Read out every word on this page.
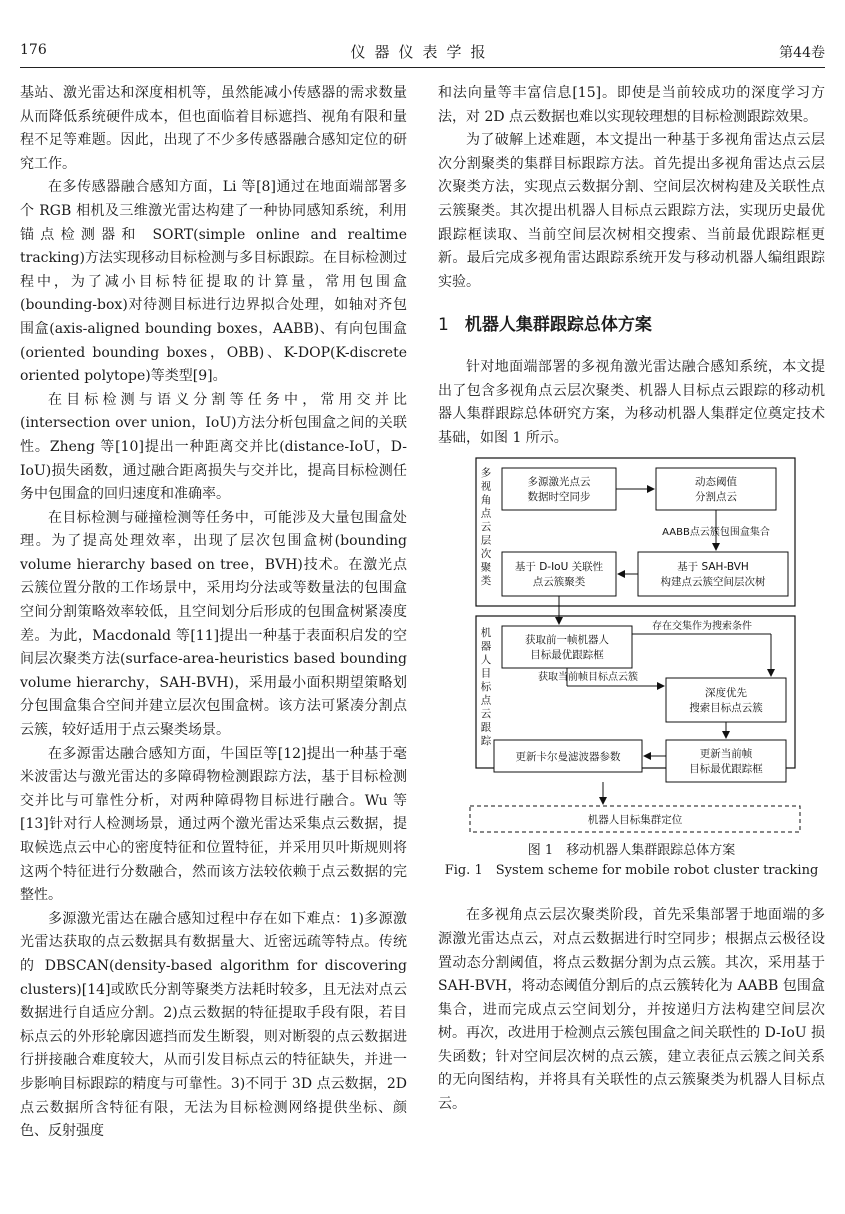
176	仪器仪表学报	第44卷

基站、激光雷达和深度相机等，虽然能减小传感器的需求数量从而降低系统硬件成本，但也面临着目标遮挡、视角有限和量程不足等难题。因此，出现了不少多传感器融合感知定位的研究工作。

在多传感器融合感知方面，Li 等[8]通过在地面端部署多个 RGB 相机及三维激光雷达构建了一种协同感知系统，利用锚点检测器和 SORT(simple online and realtime tracking)方法实现移动目标检测与多目标跟踪。在目标检测过程中，为了减小目标特征提取的计算量，常用包围盒(bounding-box)对待测目标进行边界拟合处理，如轴对齐包围盒(axis-aligned bounding boxes，AABB)、有向包围盒(oriented bounding boxes，OBB)、K-DOP(K-discrete oriented polytope)等类型[9]。

在目标检测与语义分割等任务中，常用交并比(intersection over union，IoU)方法分析包围盒之间的关联性。Zheng 等[10]提出一种距离交并比(distance-IoU，D-IoU)损失函数，通过融合距离损失与交并比，提高目标检测任务中包围盒的回归速度和准确率。

在目标检测与碰撞检测等任务中，可能涉及大量包围盒处理。为了提高处理效率，出现了层次包围盒树(bounding volume hierarchy based on tree，BVH)技术。在激光点云簇位置分散的工作场景中，采用均分法或等数量法的包围盒空间分割策略效率较低，且空间划分后形成的包围盒树紧凑度差。为此，Macdonald 等[11]提出一种基于表面积启发的空间层次聚类方法(surface-area-heuristics based bounding volume hierarchy，SAH-BVH)，采用最小面积期望策略划分包围盒集合空间并建立层次包围盒树。该方法可紧凑分割点云簇，较好适用于点云聚类场景。

在多源雷达融合感知方面，牛国臣等[12]提出一种基于毫米波雷达与激光雷达的多障碍物检测跟踪方法，基于目标检测交并比与可靠性分析，对两种障碍物目标进行融合。Wu 等[13]针对行人检测场景，通过两个激光雷达采集点云数据，提取候选点云中心的密度特征和位置特征，并采用贝叶斯规则将这两个特征进行分数融合，然而该方法较依赖于点云数据的完整性。

多源激光雷达在融合感知过程中存在如下难点：1)多源激光雷达获取的点云数据具有数据量大、近密远疏等特点。传统的 DBSCAN(density-based algorithm for discovering clusters)[14]或欧氏分割等聚类方法耗时较多，且无法对点云数据进行自适应分割。2)点云数据的特征提取手段有限，若目标点云的外形轮廓因遮挡而发生断裂，则对断裂的点云数据进行拼接融合难度较大，从而引发目标点云的特征缺失，并进一步影响目标跟踪的精度与可靠性。3)不同于 3D 点云数据，2D 点云数据所含特征有限，无法为目标检测网络提供坐标、颜色、反射强度

和法向量等丰富信息[15]。即使是当前较成功的深度学习方法，对 2D 点云数据也难以实现较理想的目标检测跟踪效果。

为了破解上述难题，本文提出一种基于多视角雷达点云层次分割聚类的集群目标跟踪方法。首先提出多视角雷达点云层次聚类方法，实现点云数据分割、空间层次树构建及关联性点云簇聚类。其次提出机器人目标点云跟踪方法，实现历史最优跟踪框读取、当前空间层次树相交搜索、当前最优跟踪框更新。最后完成多视角雷达跟踪系统开发与移动机器人编组跟踪实验。

1 机器人集群跟踪总体方案

针对地面端部署的多视角激光雷达融合感知系统，本文提出了包含多视角点云层次聚类、机器人目标点云跟踪的移动机器人集群跟踪总体研究方案，为移动机器人集群定位奠定技术基础，如图 1 所示。

多视角点云层次聚类
多源激光点云数据时空同步
动态阈值分割点云
基于 D-IoU 关联性点云簇聚类
基于 SAH-BVH 构建点云簇空间层次树
AABB点云簇包围盒集合
机器人目标点云跟踪
获取前一帧机器人目标最优跟踪框
存在交集作为搜索条件
获取当前帧目标点云簇
深度优先搜索目标点云簇
更新当前帧目标最优跟踪框
更新卡尔曼滤波器参数
机器人目标集群定位
图 1　移动机器人集群跟踪总体方案
Fig. 1　System scheme for mobile robot cluster tracking

在多视角点云层次聚类阶段，首先采集部署于地面端的多源激光雷达点云，对点云数据进行时空同步；根据点云极径设置动态分割阈值，将点云数据分割为点云簇。其次，采用基于 SAH-BVH，将动态阈值分割后的点云簇转化为 AABB 包围盒集合，进而完成点云空间划分，并按递归方法构建空间层次树。再次，改进用于检测点云簇包围盒之间关联性的 D-IoU 损失函数；针对空间层次树的点云簇，建立表征点云簇之间关系的无向图结构，并将具有关联性的点云簇聚类为机器人目标点云。
